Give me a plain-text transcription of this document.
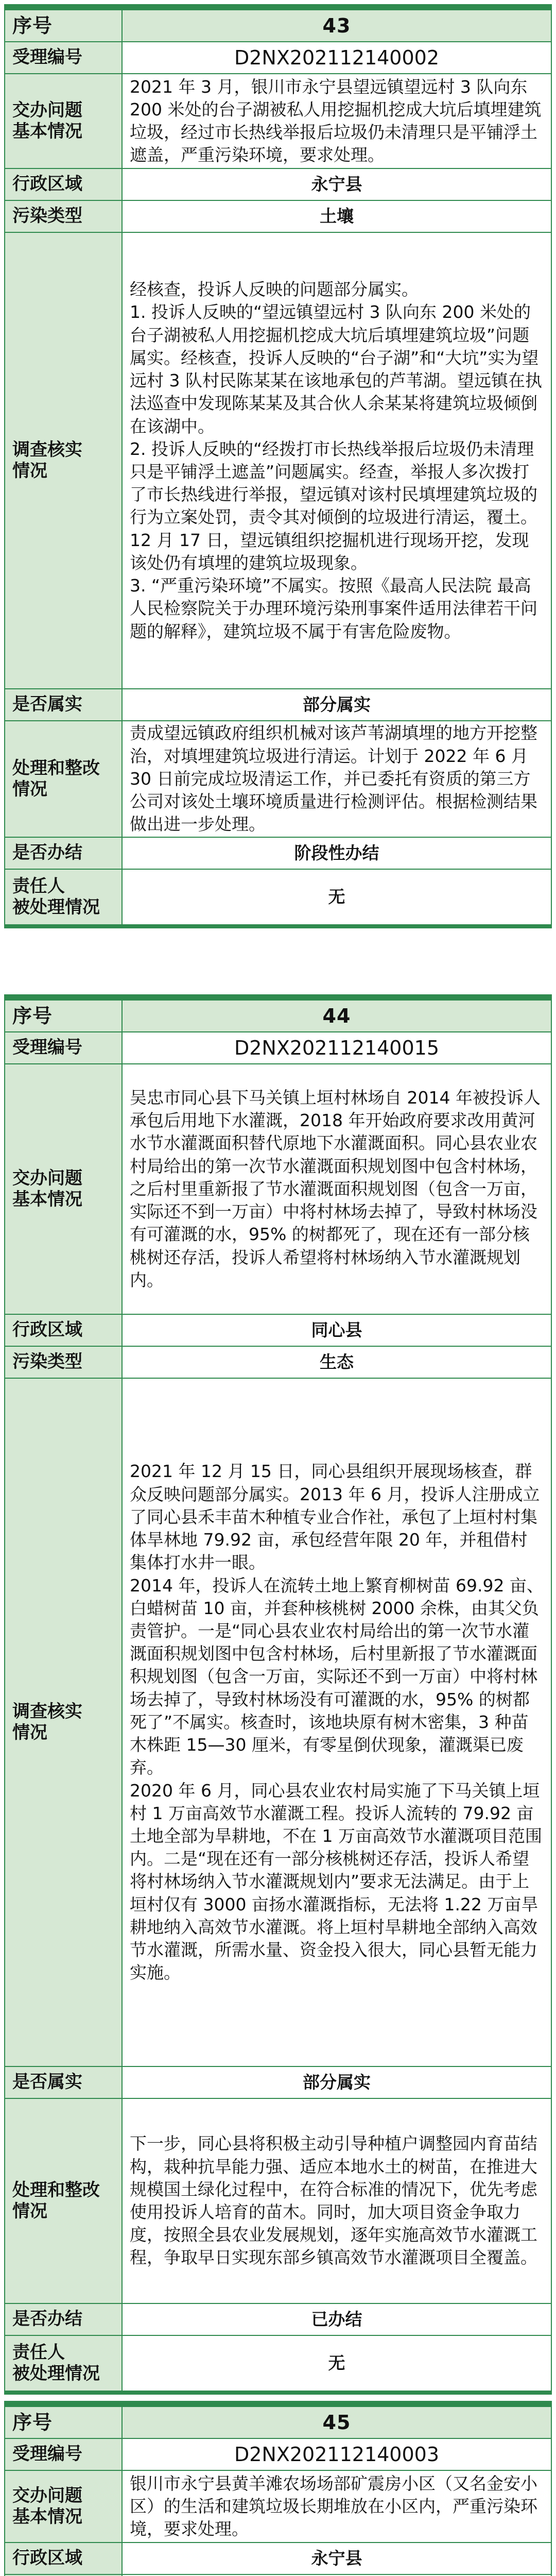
序号	43
受理编号	D2NX202112140002
交办问题
基本情况	2021 年 3 月，银川市永宁县望远镇望远村 3 队向东 200 米处的台子湖被私人用挖掘机挖成大坑后填埋建筑垃圾，经过市长热线举报后垃圾仍未清理只是平铺浮土遮盖，严重污染环境，要求处理。
行政区域	永宁县
污染类型	土壤
调查核实
情况	经核查，投诉人反映的问题部分属实。
1. 投诉人反映的“望远镇望远村 3 队向东 200 米处的台子湖被私人用挖掘机挖成大坑后填埋建筑垃圾”问题属实。经核查，投诉人反映的“台子湖”和“大坑”实为望远村 3 队村民陈某某在该地承包的芦苇湖。望远镇在执法巡查中发现陈某某及其合伙人余某某将建筑垃圾倾倒在该湖中。
2. 投诉人反映的“经拨打市长热线举报后垃圾仍未清理只是平铺浮土遮盖”问题属实。经查，举报人多次拨打了市长热线进行举报，望远镇对该村民填埋建筑垃圾的行为立案处罚，责令其对倾倒的垃圾进行清运，覆土。12 月 17 日，望远镇组织挖掘机进行现场开挖，发现该处仍有填埋的建筑垃圾现象。
3. “严重污染环境”不属实。按照《最高人民法院 最高人民检察院关于办理环境污染刑事案件适用法律若干问题的解释》，建筑垃圾不属于有害危险废物。
是否属实	部分属实
处理和整改
情况	责成望远镇政府组织机械对该芦苇湖填埋的地方开挖整治，对填埋建筑垃圾进行清运。计划于 2022 年 6 月 30 日前完成垃圾清运工作，并已委托有资质的第三方公司对该处土壤环境质量进行检测评估。根据检测结果做出进一步处理。
是否办结	阶段性办结
责任人
被处理情况	无
序号	44
受理编号	D2NX202112140015
交办问题
基本情况	吴忠市同心县下马关镇上垣村林场自 2014 年被投诉人承包后用地下水灌溉，2018 年开始政府要求改用黄河水节水灌溉面积替代原地下水灌溉面积。同心县农业农村局给出的第一次节水灌溉面积规划图中包含村林场，之后村里重新报了节水灌溉面积规划图（包含一万亩，实际还不到一万亩）中将村林场去掉了，导致村林场没有可灌溉的水，95% 的树都死了，现在还有一部分核桃树还存活，投诉人希望将村林场纳入节水灌溉规划内。
行政区域	同心县
污染类型	生态
调查核实
情况	2021 年 12 月 15 日，同心县组织开展现场核查，群众反映问题部分属实。2013 年 6 月，投诉人注册成立了同心县禾丰苗木种植专业合作社，承包了上垣村村集体旱林地 79.92 亩，承包经营年限 20 年，并租借村集体打水井一眼。
2014 年，投诉人在流转土地上繁育柳树苗 69.92 亩、白蜡树苗 10 亩，并套种核桃树 2000 余株，由其父负责管护。一是“同心县农业农村局给出的第一次节水灌溉面积规划图中包含村林场，后村里新报了节水灌溉面积规划图（包含一万亩，实际还不到一万亩）中将村林场去掉了，导致村林场没有可灌溉的水，95% 的树都死了”不属实。核查时，该地块原有树木密集，3 种苗木株距 15—30 厘米，有零星倒伏现象，灌溉渠已废弃。
2020 年 6 月，同心县农业农村局实施了下马关镇上垣村 1 万亩高效节水灌溉工程。投诉人流转的 79.92 亩土地全部为旱耕地，不在 1 万亩高效节水灌溉项目范围内。二是“现在还有一部分核桃树还存活，投诉人希望将村林场纳入节水灌溉规划内”要求无法满足。由于上垣村仅有 3000 亩扬水灌溉指标，无法将 1.22 万亩旱耕地纳入高效节水灌溉。将上垣村旱耕地全部纳入高效节水灌溉，所需水量、资金投入很大，同心县暂无能力实施。
是否属实	部分属实
处理和整改
情况	下一步，同心县将积极主动引导种植户调整园内育苗结构，栽种抗旱能力强、适应本地水土的树苗，在推进大规模国土绿化过程中，在符合标准的情况下，优先考虑使用投诉人培育的苗木。同时，加大项目资金争取力度，按照全县农业发展规划，逐年实施高效节水灌溉工程，争取早日实现东部乡镇高效节水灌溉项目全覆盖。
是否办结	已办结
责任人
被处理情况	无
序号	45
受理编号	D2NX202112140003
交办问题
基本情况	银川市永宁县黄羊滩农场场部矿震房小区（又名金安小区）的生活和建筑垃圾长期堆放在小区内，严重污染环境，要求处理。
行政区域	永宁县
